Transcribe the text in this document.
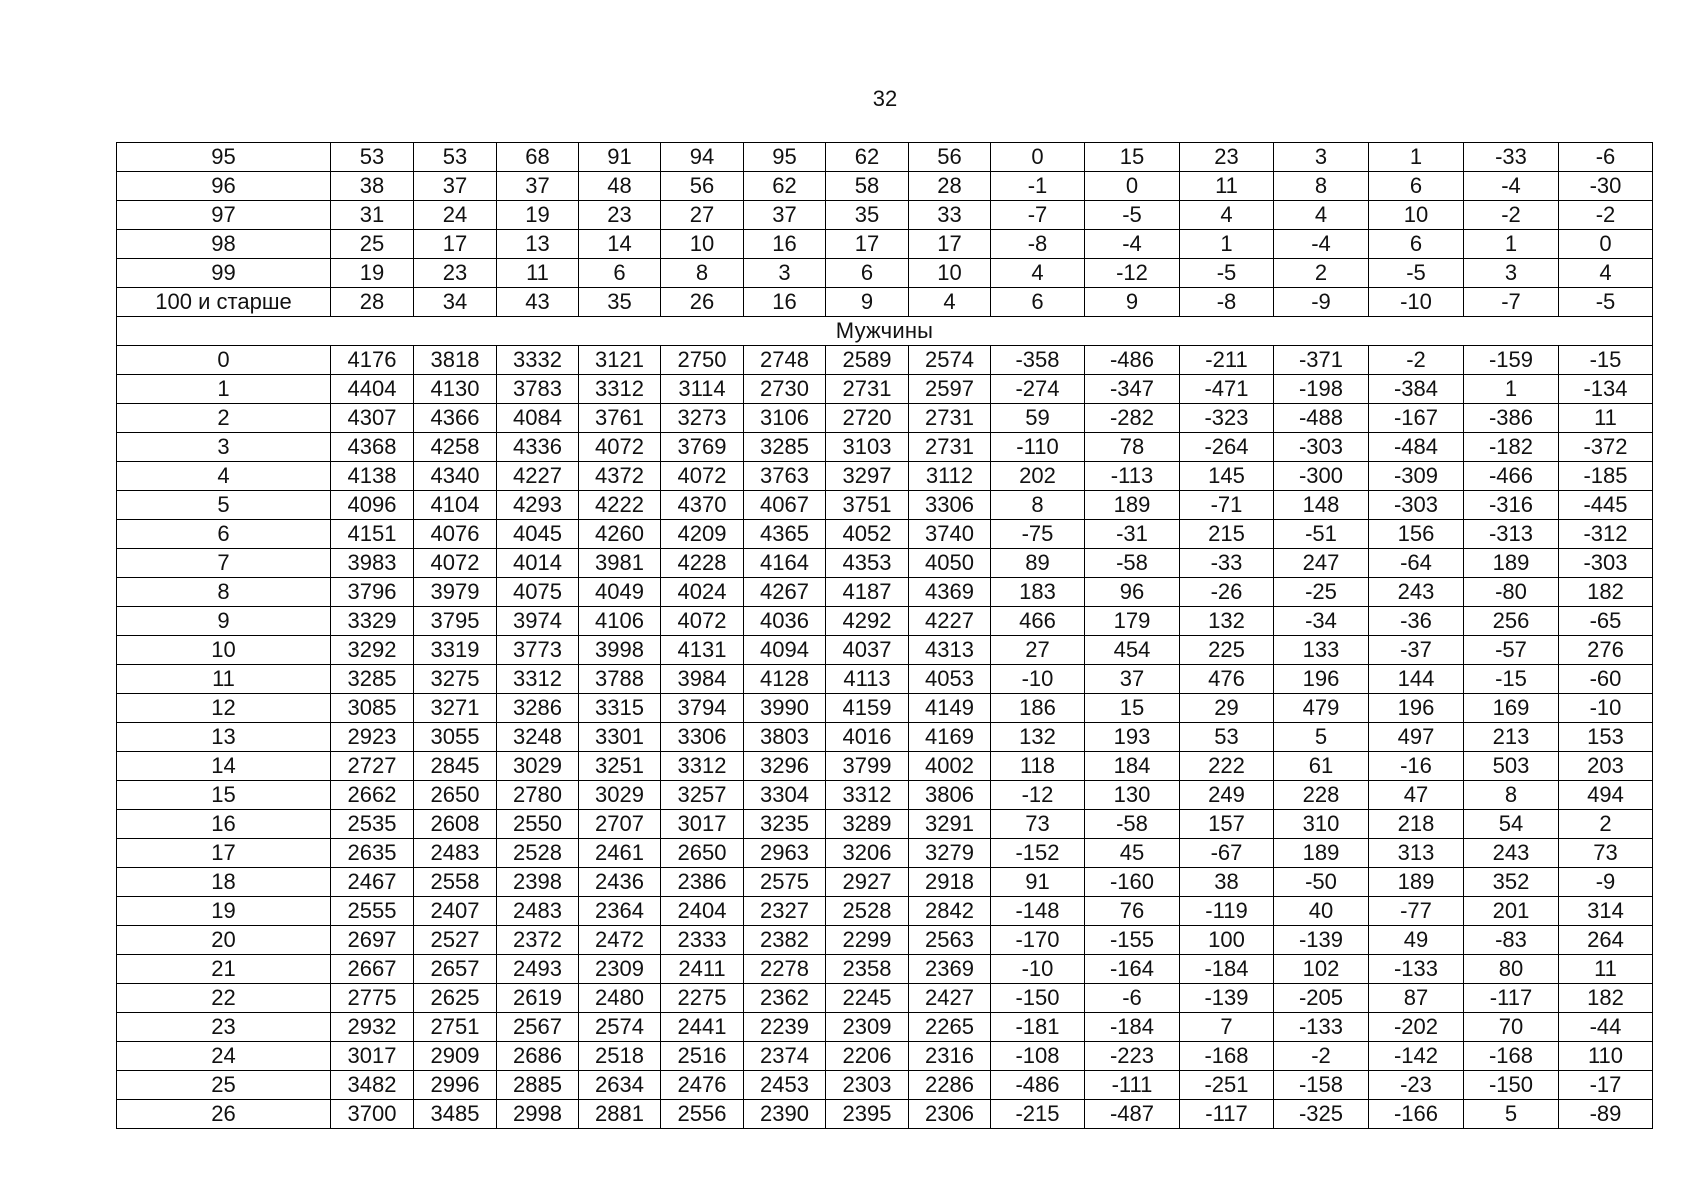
32
95	53	53	68	91	94	95	62	56	0	15	23	3	1	-33	-6
96	38	37	37	48	56	62	58	28	-1	0	11	8	6	-4	-30
97	31	24	19	23	27	37	35	33	-7	-5	4	4	10	-2	-2
98	25	17	13	14	10	16	17	17	-8	-4	1	-4	6	1	0
99	19	23	11	6	8	3	6	10	4	-12	-5	2	-5	3	4
100 и старше	28	34	43	35	26	16	9	4	6	9	-8	-9	-10	-7	-5
Мужчины															
0	4176	3818	3332	3121	2750	2748	2589	2574	-358	-486	-211	-371	-2	-159	-15
1	4404	4130	3783	3312	3114	2730	2731	2597	-274	-347	-471	-198	-384	1	-134
2	4307	4366	4084	3761	3273	3106	2720	2731	59	-282	-323	-488	-167	-386	11
3	4368	4258	4336	4072	3769	3285	3103	2731	-110	78	-264	-303	-484	-182	-372
4	4138	4340	4227	4372	4072	3763	3297	3112	202	-113	145	-300	-309	-466	-185
5	4096	4104	4293	4222	4370	4067	3751	3306	8	189	-71	148	-303	-316	-445
6	4151	4076	4045	4260	4209	4365	4052	3740	-75	-31	215	-51	156	-313	-312
7	3983	4072	4014	3981	4228	4164	4353	4050	89	-58	-33	247	-64	189	-303
8	3796	3979	4075	4049	4024	4267	4187	4369	183	96	-26	-25	243	-80	182
9	3329	3795	3974	4106	4072	4036	4292	4227	466	179	132	-34	-36	256	-65
10	3292	3319	3773	3998	4131	4094	4037	4313	27	454	225	133	-37	-57	276
11	3285	3275	3312	3788	3984	4128	4113	4053	-10	37	476	196	144	-15	-60
12	3085	3271	3286	3315	3794	3990	4159	4149	186	15	29	479	196	169	-10
13	2923	3055	3248	3301	3306	3803	4016	4169	132	193	53	5	497	213	153
14	2727	2845	3029	3251	3312	3296	3799	4002	118	184	222	61	-16	503	203
15	2662	2650	2780	3029	3257	3304	3312	3806	-12	130	249	228	47	8	494
16	2535	2608	2550	2707	3017	3235	3289	3291	73	-58	157	310	218	54	2
17	2635	2483	2528	2461	2650	2963	3206	3279	-152	45	-67	189	313	243	73
18	2467	2558	2398	2436	2386	2575	2927	2918	91	-160	38	-50	189	352	-9
19	2555	2407	2483	2364	2404	2327	2528	2842	-148	76	-119	40	-77	201	314
20	2697	2527	2372	2472	2333	2382	2299	2563	-170	-155	100	-139	49	-83	264
21	2667	2657	2493	2309	2411	2278	2358	2369	-10	-164	-184	102	-133	80	11
22	2775	2625	2619	2480	2275	2362	2245	2427	-150	-6	-139	-205	87	-117	182
23	2932	2751	2567	2574	2441	2239	2309	2265	-181	-184	7	-133	-202	70	-44
24	3017	2909	2686	2518	2516	2374	2206	2316	-108	-223	-168	-2	-142	-168	110
25	3482	2996	2885	2634	2476	2453	2303	2286	-486	-111	-251	-158	-23	-150	-17
26	3700	3485	2998	2881	2556	2390	2395	2306	-215	-487	-117	-325	-166	5	-89
